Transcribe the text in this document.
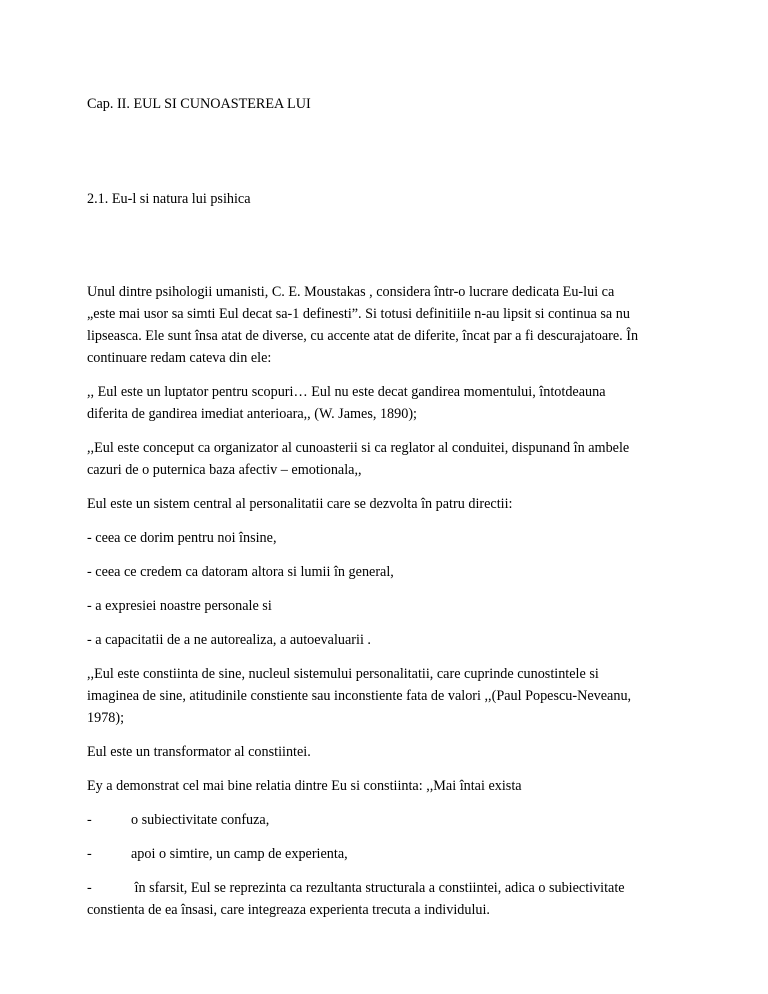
Cap. II. EUL SI CUNOASTEREA LUI
2.1. Eu-l si natura lui psihica

Unul dintre psihologii umanisti, C. E. Moustakas , considera într-o lucrare dedicata Eu-lui ca
„este mai usor sa simti Eul decat sa-1 definesti”. Si totusi definitiile n-au lipsit si continua sa nu
lipseasca. Ele sunt însa atat de diverse, cu accente atat de diferite, încat par a fi descurajatoare. În
continuare redam cateva din ele:

,, Eul este un luptator pentru scopuri… Eul nu este decat gandirea momentului, întotdeauna
diferita de gandirea imediat anterioara,, (W. James, 1890);

,,Eul este conceput ca organizator al cunoasterii si ca reglator al conduitei, dispunand în ambele
cazuri de o puternica baza afectiv – emotionala,,

Eul este un sistem central al personalitatii care se dezvolta în patru directii:

- ceea ce dorim pentru noi însine,

- ceea ce credem ca datoram altora si lumii în general,

- a expresiei noastre personale si

- a capacitatii de a ne autorealiza, a autoevaluarii .

,,Eul este constiinta de sine, nucleul sistemului personalitatii, care cuprinde cunostintele si
imaginea de sine, atitudinile constiente sau inconstiente fata de valori ,,(Paul Popescu-Neveanu,
1978);

Eul este un transformator al constiintei.

Ey a demonstrat cel mai bine relatia dintre Eu si constiinta: ,,Mai întai exista

-	o subiectivitate confuza,

-	apoi o simtire, un camp de experienta,

-	în sfarsit, Eul se reprezinta ca rezultanta structurala a constiintei, adica o subiectivitate
constienta de ea însasi, care integreaza experienta trecuta a individului.
